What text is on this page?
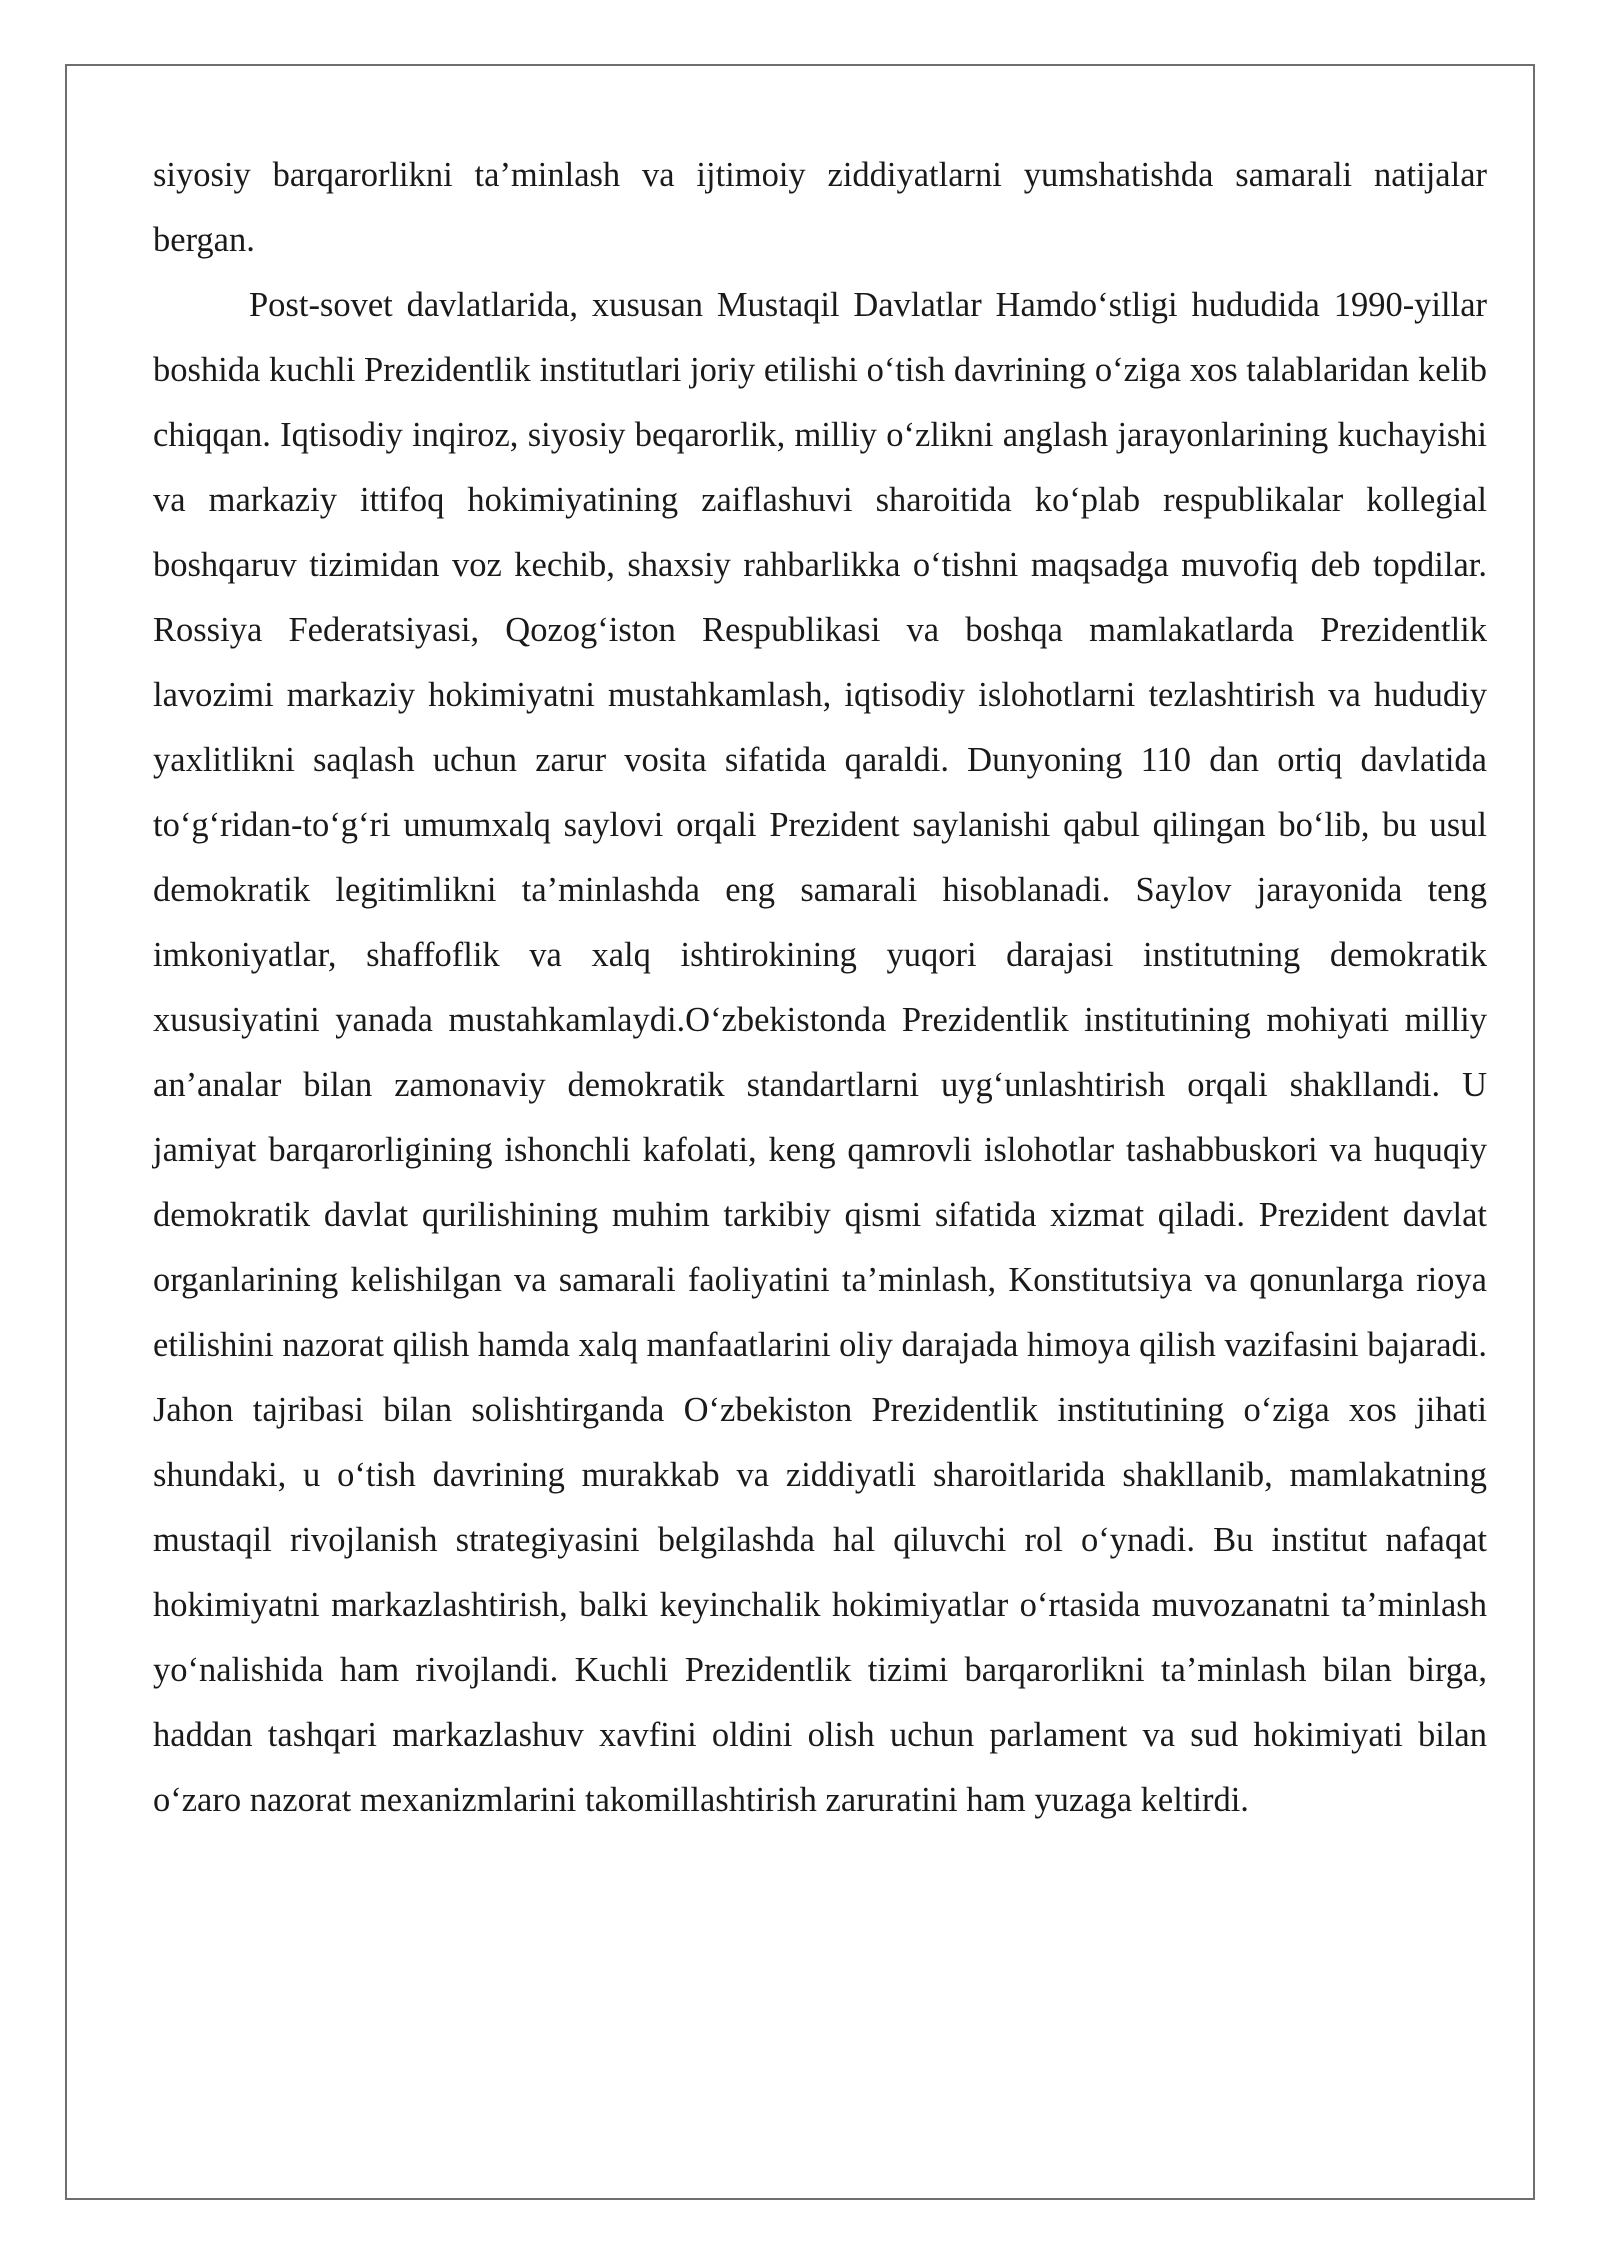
siyosiy barqarorlikni ta’minlash va ijtimoiy ziddiyatlarni yumshatishda samarali natijalar bergan.

Post-sovet davlatlarida, xususan Mustaqil Davlatlar Hamdo‘stligi hududida 1990-yillar boshida kuchli Prezidentlik institutlari joriy etilishi o‘tish davrining o‘ziga xos talablaridan kelib chiqqan. Iqtisodiy inqiroz, siyosiy beqarorlik, milliy o‘zlikni anglash jarayonlarining kuchayishi va markaziy ittifoq hokimiyatining zaiflashuvi sharoitida ko‘plab respublikalar kollegial boshqaruv tizimidan voz kechib, shaxsiy rahbarlikka o‘tishni maqsadga muvofiq deb topdilar. Rossiya Federatsiyasi, Qozog‘iston Respublikasi va boshqa mamlakatlarda Prezidentlik lavozimi markaziy hokimiyatni mustahkamlash, iqtisodiy islohotlarni tezlashtirish va hududiy yaxlitlikni saqlash uchun zarur vosita sifatida qaraldi. Dunyoning 110 dan ortiq davlatida to‘g‘ridan-to‘g‘ri umumxalq saylovi orqali Prezident saylanishi qabul qilingan bo‘lib, bu usul demokratik legitimlikni ta’minlashda eng samarali hisoblanadi. Saylov jarayonida teng imkoniyatlar, shaffoflik va xalq ishtirokining yuqori darajasi institutning demokratik xususiyatini yanada mustahkamlaydi.O‘zbekistonda Prezidentlik institutining mohiyati milliy an’analar bilan zamonaviy demokratik standartlarni uyg‘unlashtirish orqali shakllandi. U jamiyat barqarorligining ishonchli kafolati, keng qamrovli islohotlar tashabbuskori va huquqiy demokratik davlat qurilishining muhim tarkibiy qismi sifatida xizmat qiladi. Prezident davlat organlarining kelishilgan va samarali faoliyatini ta’minlash, Konstitutsiya va qonunlarga rioya etilishini nazorat qilish hamda xalq manfaatlarini oliy darajada himoya qilish vazifasini bajaradi. Jahon tajribasi bilan solishtirganda O‘zbekiston Prezidentlik institutining o‘ziga xos jihati shundaki, u o‘tish davrining murakkab va ziddiyatli sharoitlarida shakllanib, mamlakatning mustaqil rivojlanish strategiyasini belgilashda hal qiluvchi rol o‘ynadi. Bu institut nafaqat hokimiyatni markazlashtirish, balki keyinchalik hokimiyatlar o‘rtasida muvozanatni ta’minlash yo‘nalishida ham rivojlandi. Kuchli Prezidentlik tizimi barqarorlikni ta’minlash bilan birga, haddan tashqari markazlashuv xavfini oldini olish uchun parlament va sud hokimiyati bilan o‘zaro nazorat mexanizmlarini takomillashtirish zaruratini ham yuzaga keltirdi.
